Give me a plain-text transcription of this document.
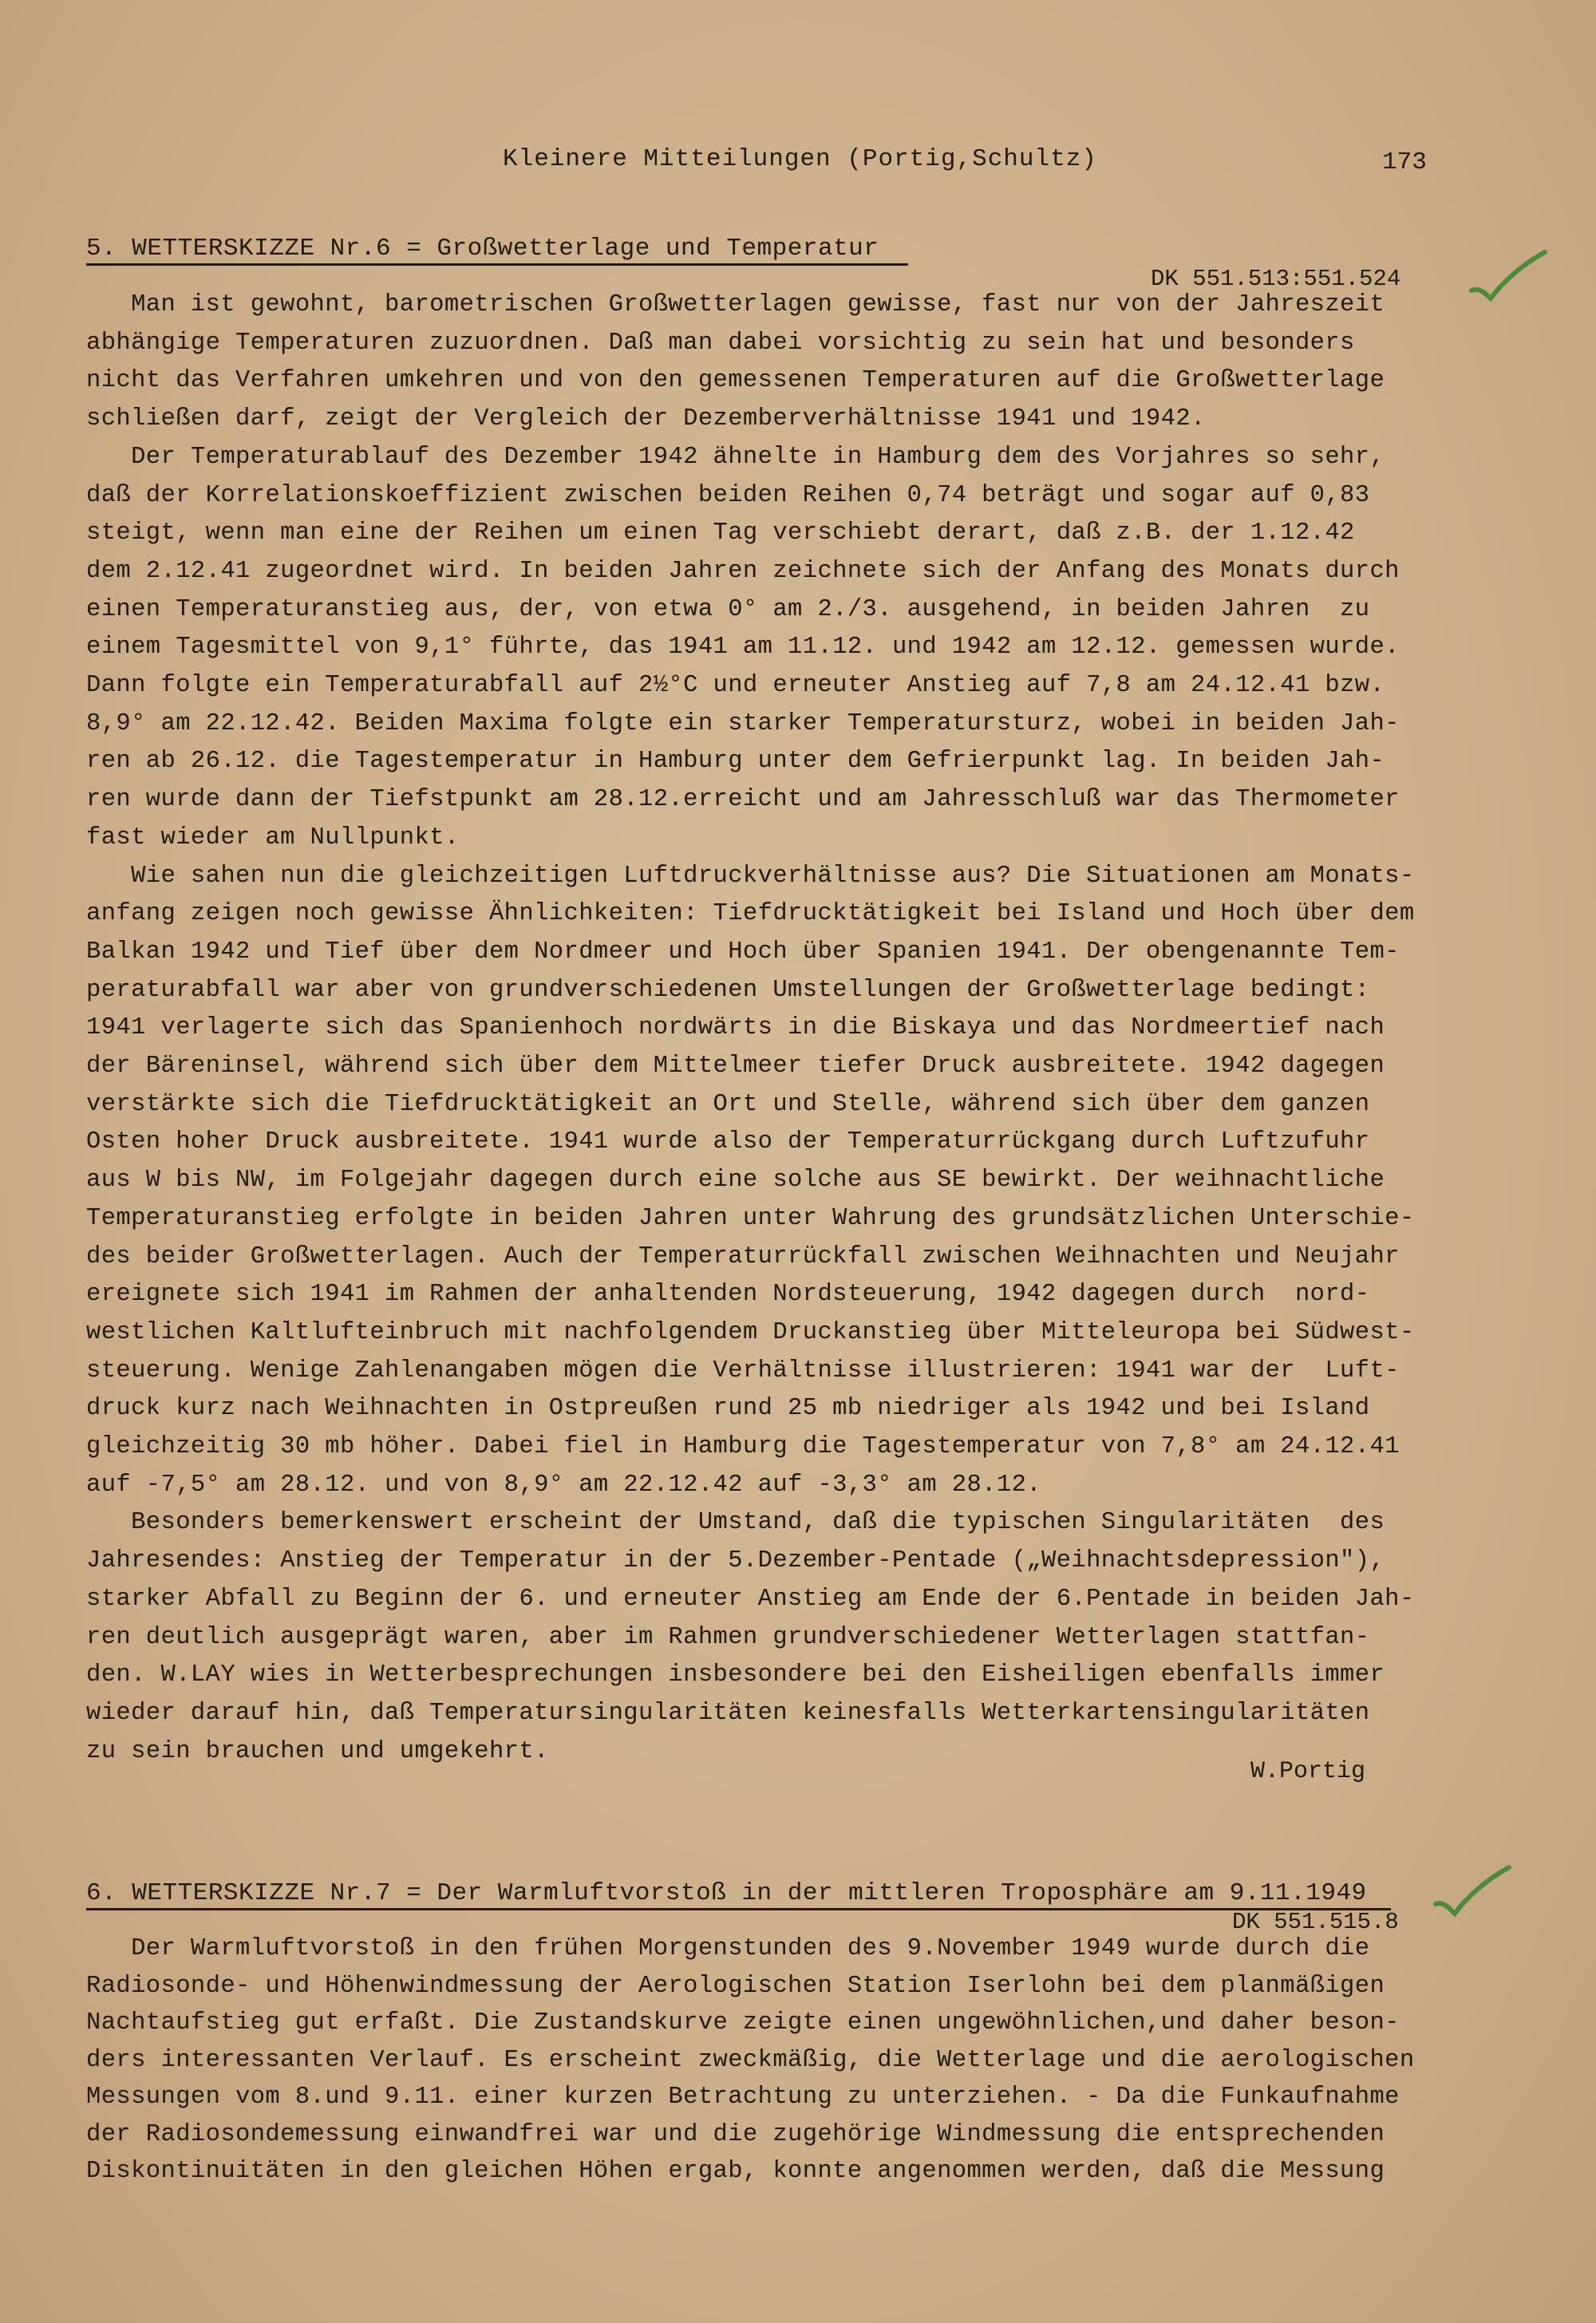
Kleinere Mitteilungen (Portig,Schultz)	173
5. WETTERSKIZZE Nr.6 = Großwetterlage und Temperatur
DK 551.513:551.524
Man ist gewohnt, barometrischen Großwetterlagen gewisse, fast nur von der Jahreszeit
abhängige Temperaturen zuzuordnen. Daß man dabei vorsichtig zu sein hat und besonders
nicht das Verfahren umkehren und von den gemessenen Temperaturen auf die Großwetterlage
schließen darf, zeigt der Vergleich der Dezemberverhältnisse 1941 und 1942.
Der Temperaturablauf des Dezember 1942 ähnelte in Hamburg dem des Vorjahres so sehr,
daß der Korrelationskoeffizient zwischen beiden Reihen 0,74 beträgt und sogar auf 0,83
steigt, wenn man eine der Reihen um einen Tag verschiebt derart, daß z.B. der 1.12.42
dem 2.12.41 zugeordnet wird. In beiden Jahren zeichnete sich der Anfang des Monats durch
einen Temperaturanstieg aus, der, von etwa 0° am 2./3. ausgehend, in beiden Jahren  zu
einem Tagesmittel von 9,1° führte, das 1941 am 11.12. und 1942 am 12.12. gemessen wurde.
Dann folgte ein Temperaturabfall auf 2½°C und erneuter Anstieg auf 7,8 am 24.12.41 bzw.
8,9° am 22.12.42. Beiden Maxima folgte ein starker Temperatursturz, wobei in beiden Jah-
ren ab 26.12. die Tagestemperatur in Hamburg unter dem Gefrierpunkt lag. In beiden Jah-
ren wurde dann der Tiefstpunkt am 28.12.erreicht und am Jahresschluß war das Thermometer
fast wieder am Nullpunkt.
Wie sahen nun die gleichzeitigen Luftdruckverhältnisse aus? Die Situationen am Monats-
anfang zeigen noch gewisse Ähnlichkeiten: Tiefdrucktätigkeit bei Island und Hoch über dem
Balkan 1942 und Tief über dem Nordmeer und Hoch über Spanien 1941. Der obengenannte Tem-
peraturabfall war aber von grundverschiedenen Umstellungen der Großwetterlage bedingt:
1941 verlagerte sich das Spanienhoch nordwärts in die Biskaya und das Nordmeertief nach
der Bäreninsel, während sich über dem Mittelmeer tiefer Druck ausbreitete. 1942 dagegen
verstärkte sich die Tiefdrucktätigkeit an Ort und Stelle, während sich über dem ganzen
Osten hoher Druck ausbreitete. 1941 wurde also der Temperaturrückgang durch Luftzufuhr
aus W bis NW, im Folgejahr dagegen durch eine solche aus SE bewirkt. Der weihnachtliche
Temperaturanstieg erfolgte in beiden Jahren unter Wahrung des grundsätzlichen Unterschie-
des beider Großwetterlagen. Auch der Temperaturrückfall zwischen Weihnachten und Neujahr
ereignete sich 1941 im Rahmen der anhaltenden Nordsteuerung, 1942 dagegen durch  nord-
westlichen Kaltlufteinbruch mit nachfolgendem Druckanstieg über Mitteleuropa bei Südwest-
steuerung. Wenige Zahlenangaben mögen die Verhältnisse illustrieren: 1941 war der  Luft-
druck kurz nach Weihnachten in Ostpreußen rund 25 mb niedriger als 1942 und bei Island
gleichzeitig 30 mb höher. Dabei fiel in Hamburg die Tagestemperatur von 7,8° am 24.12.41
auf -7,5° am 28.12. und von 8,9° am 22.12.42 auf -3,3° am 28.12.
Besonders bemerkenswert erscheint der Umstand, daß die typischen Singularitäten  des
Jahresendes: Anstieg der Temperatur in der 5.Dezember-Pentade („Weihnachtsdepression"),
starker Abfall zu Beginn der 6. und erneuter Anstieg am Ende der 6.Pentade in beiden Jah-
ren deutlich ausgeprägt waren, aber im Rahmen grundverschiedener Wetterlagen stattfan-
den. W.LAY wies in Wetterbesprechungen insbesondere bei den Eisheiligen ebenfalls immer
wieder darauf hin, daß Temperatursingularitäten keinesfalls Wetterkartensingularitäten
zu sein brauchen und umgekehrt.
W.Portig
6. WETTERSKIZZE Nr.7 = Der Warmluftvorstoß in der mittleren Troposphäre am 9.11.1949
DK 551.515.8
Der Warmluftvorstoß in den frühen Morgenstunden des 9.November 1949 wurde durch die
Radiosonde- und Höhenwindmessung der Aerologischen Station Iserlohn bei dem planmäßigen
Nachtaufstieg gut erfaßt. Die Zustandskurve zeigte einen ungewöhnlichen,und daher beson-
ders interessanten Verlauf. Es erscheint zweckmäßig, die Wetterlage und die aerologischen
Messungen vom 8.und 9.11. einer kurzen Betrachtung zu unterziehen. - Da die Funkaufnahme
der Radiosondemessung einwandfrei war und die zugehörige Windmessung die entsprechenden
Diskontinuitäten in den gleichen Höhen ergab, konnte angenommen werden, daß die Messung
